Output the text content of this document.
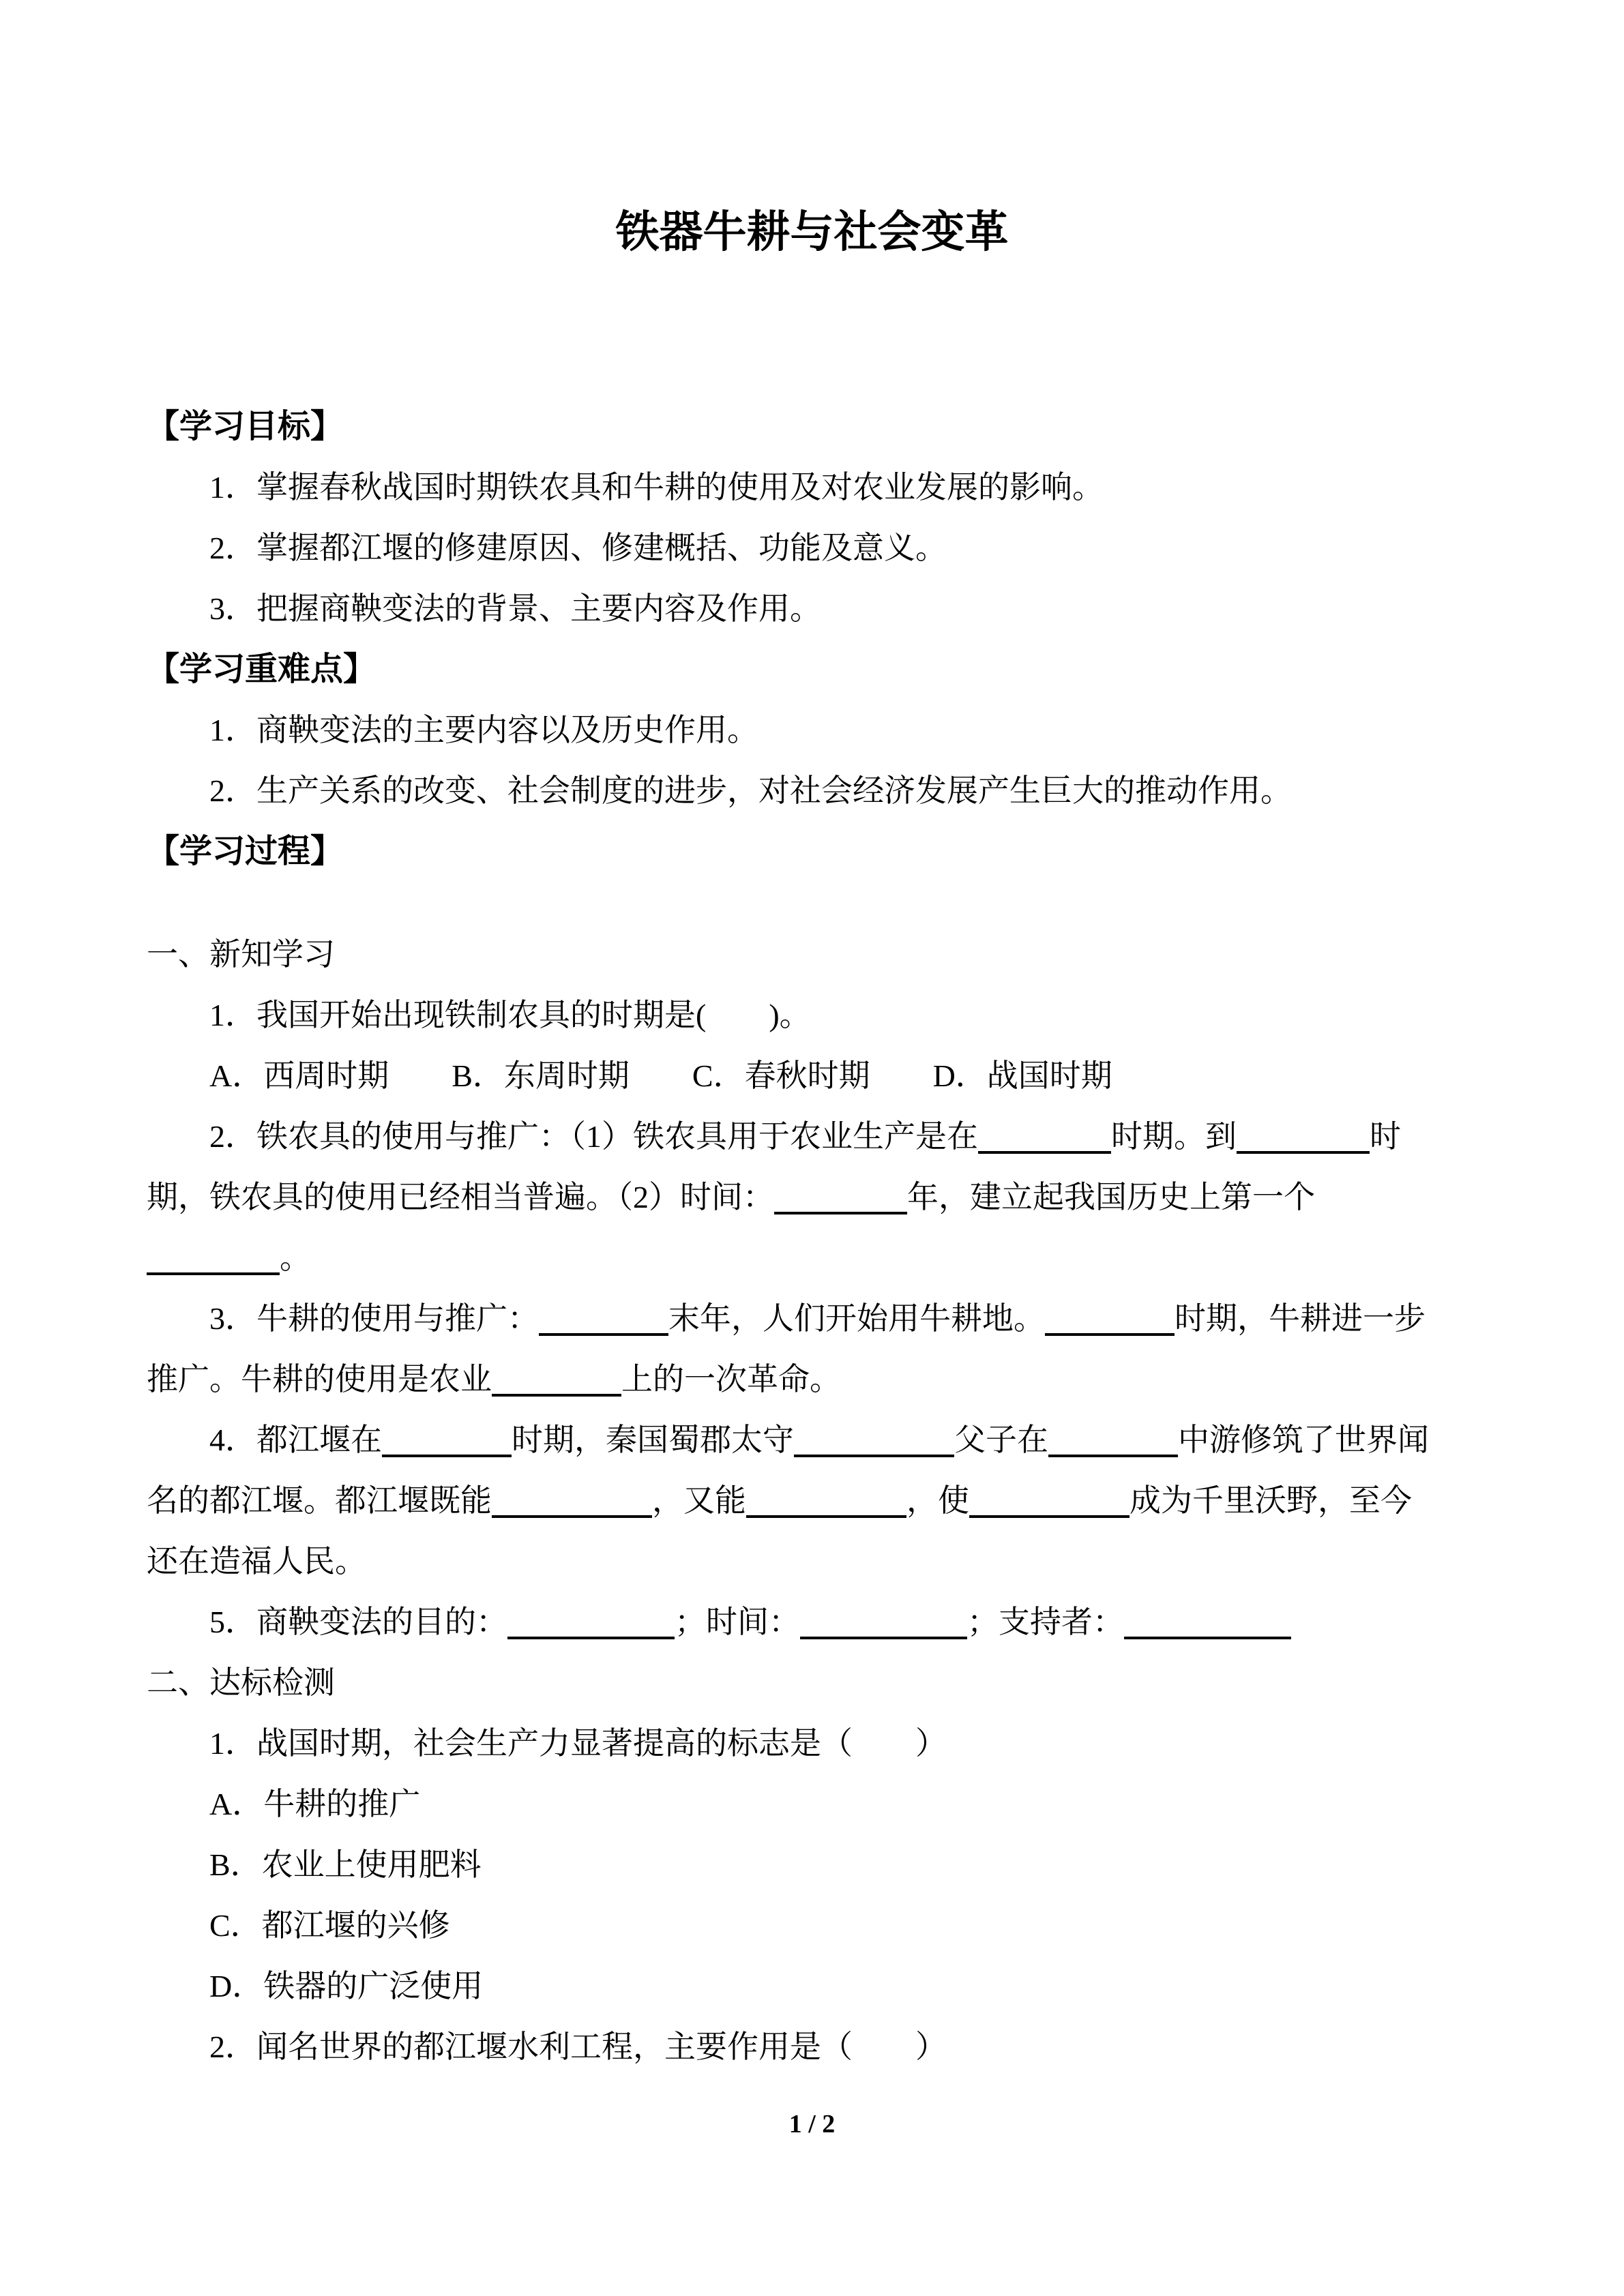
铁器牛耕与社会变革
【学习目标】
　　1．掌握春秋战国时期铁农具和牛耕的使用及对农业发展的影响。
　　2．掌握都江堰的修建原因、修建概括、功能及意义。
　　3．把握商鞅变法的背景、主要内容及作用。
【学习重难点】
　　1．商鞅变法的主要内容以及历史作用。
　　2．生产关系的改变、社会制度的进步，对社会经济发展产生巨大的推动作用。
【学习过程】
一、新知学习
　　1．我国开始出现铁制农具的时期是(　　)。
　　A．西周时期　　B．东周时期　　C．春秋时期　　D．战国时期
　　2．铁农具的使用与推广：（1）铁农具用于农业生产是在	时期。到	时
期，铁农具的使用已经相当普遍。（2）时间：	年，建立起我国历史上第一个
。
　　3．牛耕的使用与推广：	末年，人们开始用牛耕地。	时期，牛耕进一步
推广。牛耕的使用是农业	上的一次革命。
　　4．都江堰在	时期，秦国蜀郡太守	父子在	中游修筑了世界闻
名的都江堰。都江堰既能	，又能	，使	成为千里沃野，至今
还在造福人民。
　　5．商鞅变法的目的：	；时间：	；支持者：
二、达标检测
　　1．战国时期，社会生产力显著提高的标志是（　　）
　　A．牛耕的推广
　　B．农业上使用肥料
　　C．都江堰的兴修
　　D．铁器的广泛使用
　　2．闻名世界的都江堰水利工程，主要作用是（　　）
1 / 2
